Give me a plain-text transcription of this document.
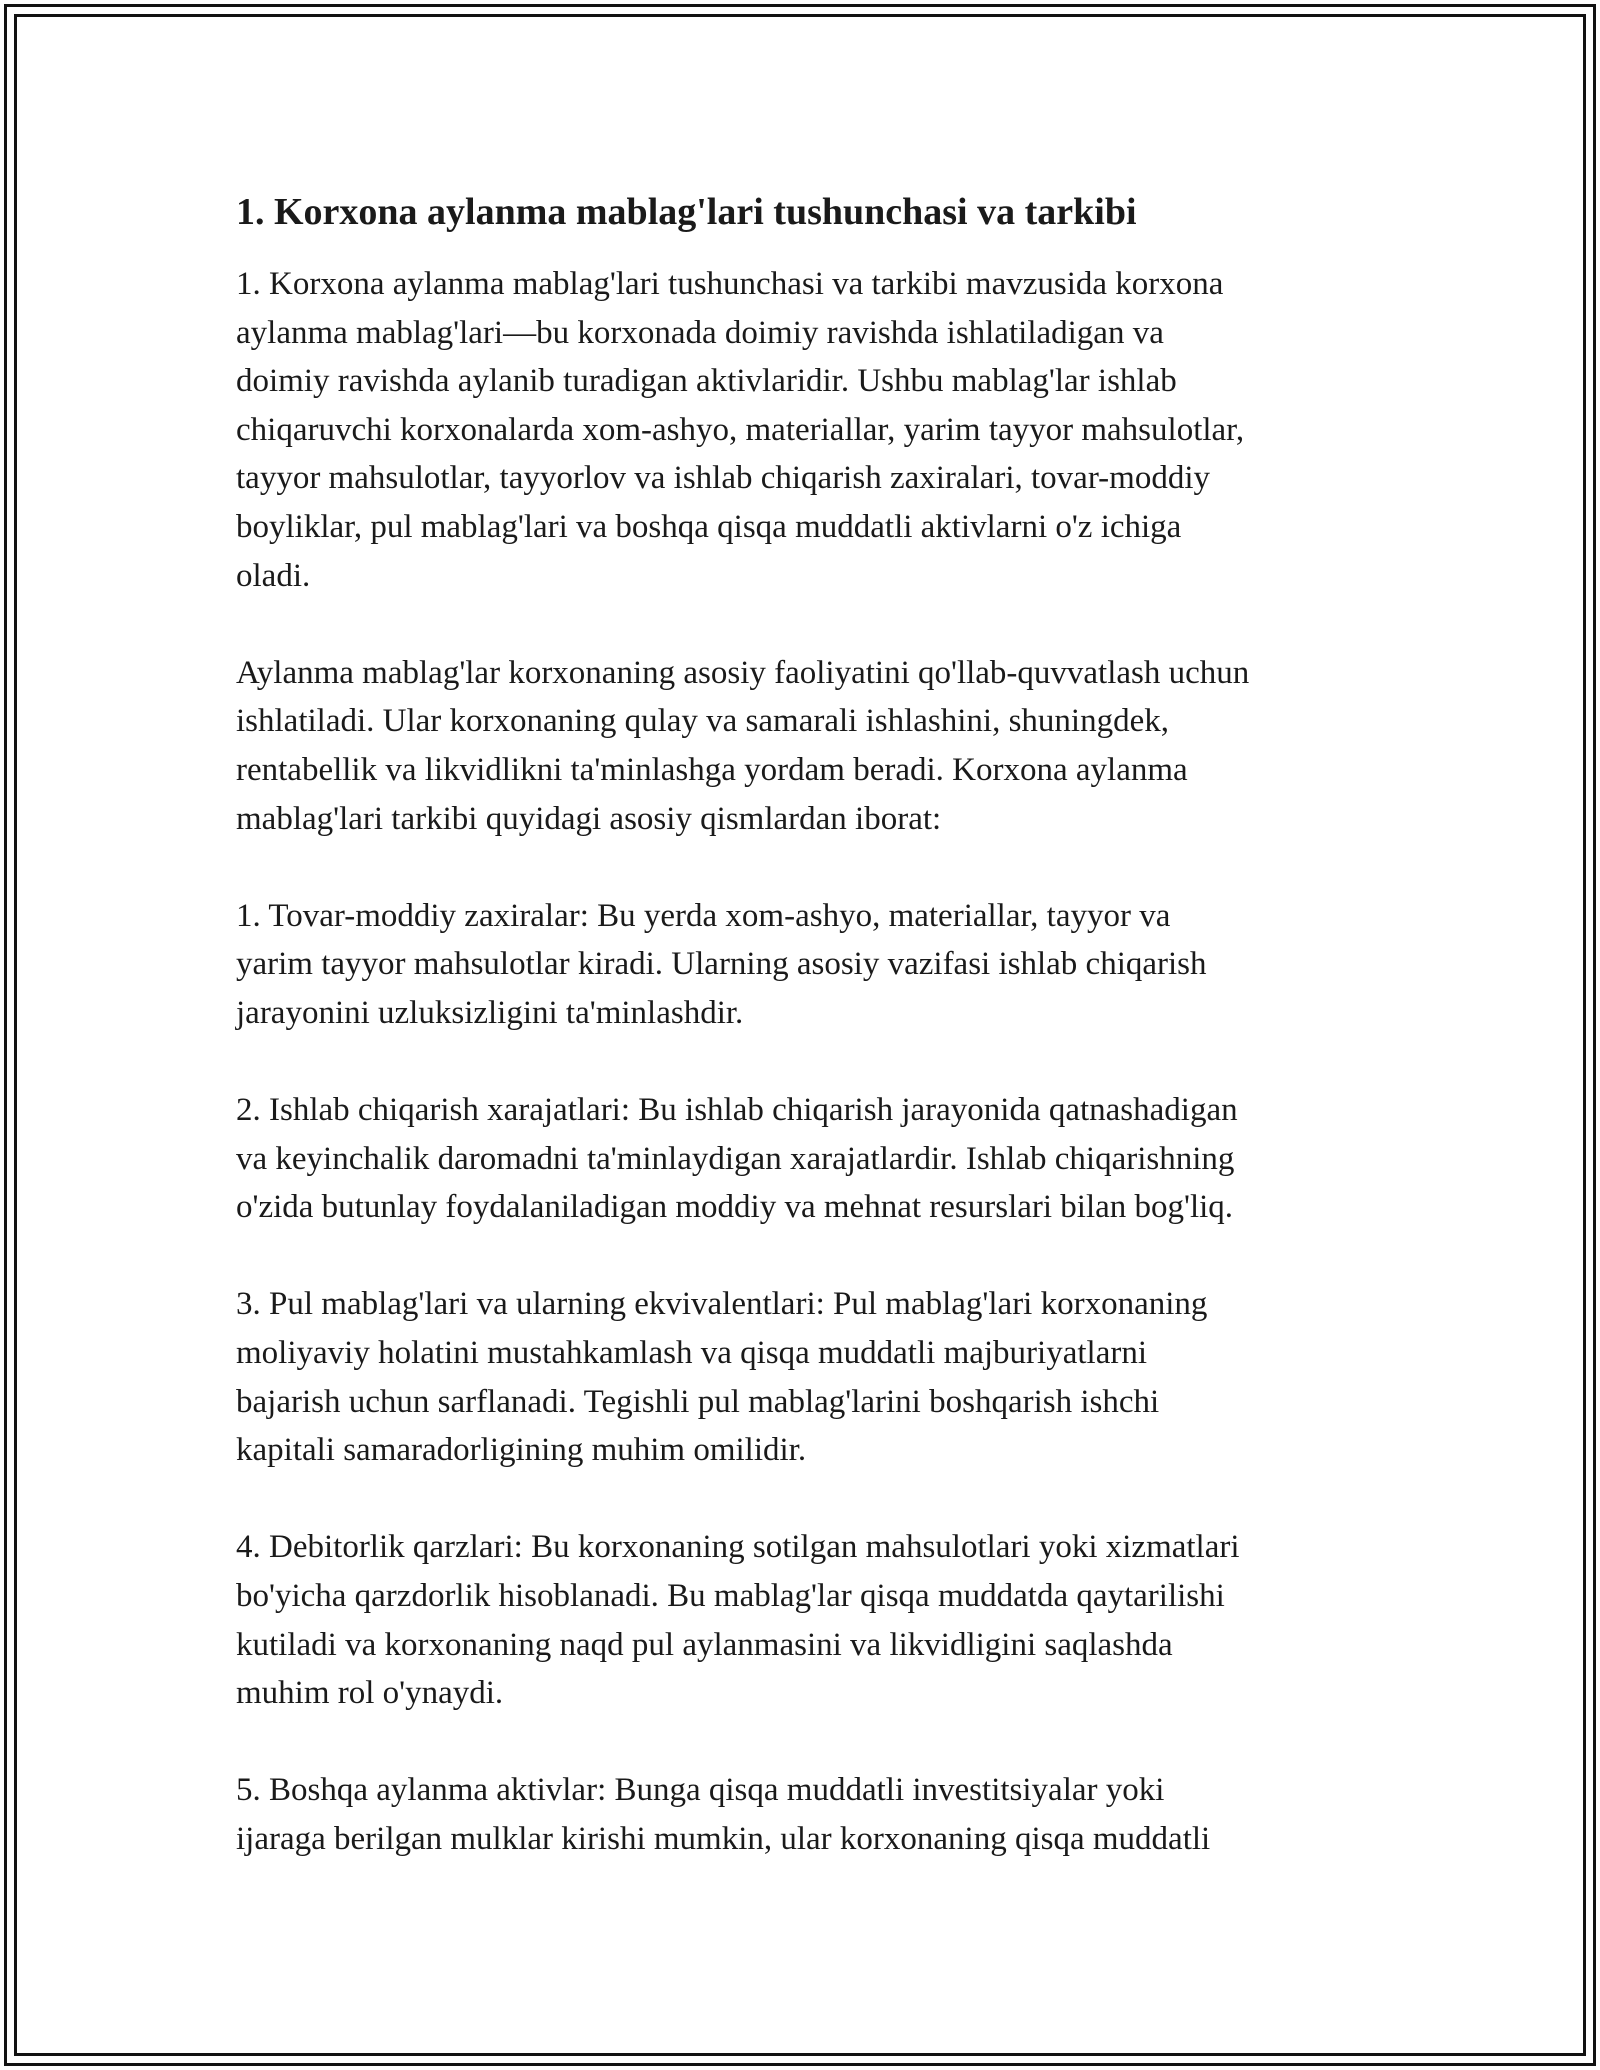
1. Korxona aylanma mablag'lari tushunchasi va tarkibi
1. Korxona aylanma mablag'lari tushunchasi va tarkibi mavzusida korxona
aylanma mablag'lari—bu korxonada doimiy ravishda ishlatiladigan va
doimiy ravishda aylanib turadigan aktivlaridir. Ushbu mablag'lar ishlab
chiqaruvchi korxonalarda xom-ashyo, materiallar, yarim tayyor mahsulotlar,
tayyor mahsulotlar, tayyorlov va ishlab chiqarish zaxiralari, tovar-moddiy
boyliklar, pul mablag'lari va boshqa qisqa muddatli aktivlarni o'z ichiga
oladi.
Aylanma mablag'lar korxonaning asosiy faoliyatini qo'llab-quvvatlash uchun
ishlatiladi. Ular korxonaning qulay va samarali ishlashini, shuningdek,
rentabellik va likvidlikni ta'minlashga yordam beradi. Korxona aylanma
mablag'lari tarkibi quyidagi asosiy qismlardan iborat:
1. Tovar-moddiy zaxiralar: Bu yerda xom-ashyo, materiallar, tayyor va
yarim tayyor mahsulotlar kiradi. Ularning asosiy vazifasi ishlab chiqarish
jarayonini uzluksizligini ta'minlashdir.
2. Ishlab chiqarish xarajatlari: Bu ishlab chiqarish jarayonida qatnashadigan
va keyinchalik daromadni ta'minlaydigan xarajatlardir. Ishlab chiqarishning
o'zida butunlay foydalaniladigan moddiy va mehnat resurslari bilan bog'liq.
3. Pul mablag'lari va ularning ekvivalentlari: Pul mablag'lari korxonaning
moliyaviy holatini mustahkamlash va qisqa muddatli majburiyatlarni
bajarish uchun sarflanadi. Tegishli pul mablag'larini boshqarish ishchi
kapitali samaradorligining muhim omilidir.
4. Debitorlik qarzlari: Bu korxonaning sotilgan mahsulotlari yoki xizmatlari
bo'yicha qarzdorlik hisoblanadi. Bu mablag'lar qisqa muddatda qaytarilishi
kutiladi va korxonaning naqd pul aylanmasini va likvidligini saqlashda
muhim rol o'ynaydi.
5. Boshqa aylanma aktivlar: Bunga qisqa muddatli investitsiyalar yoki
ijaraga berilgan mulklar kirishi mumkin, ular korxonaning qisqa muddatli
